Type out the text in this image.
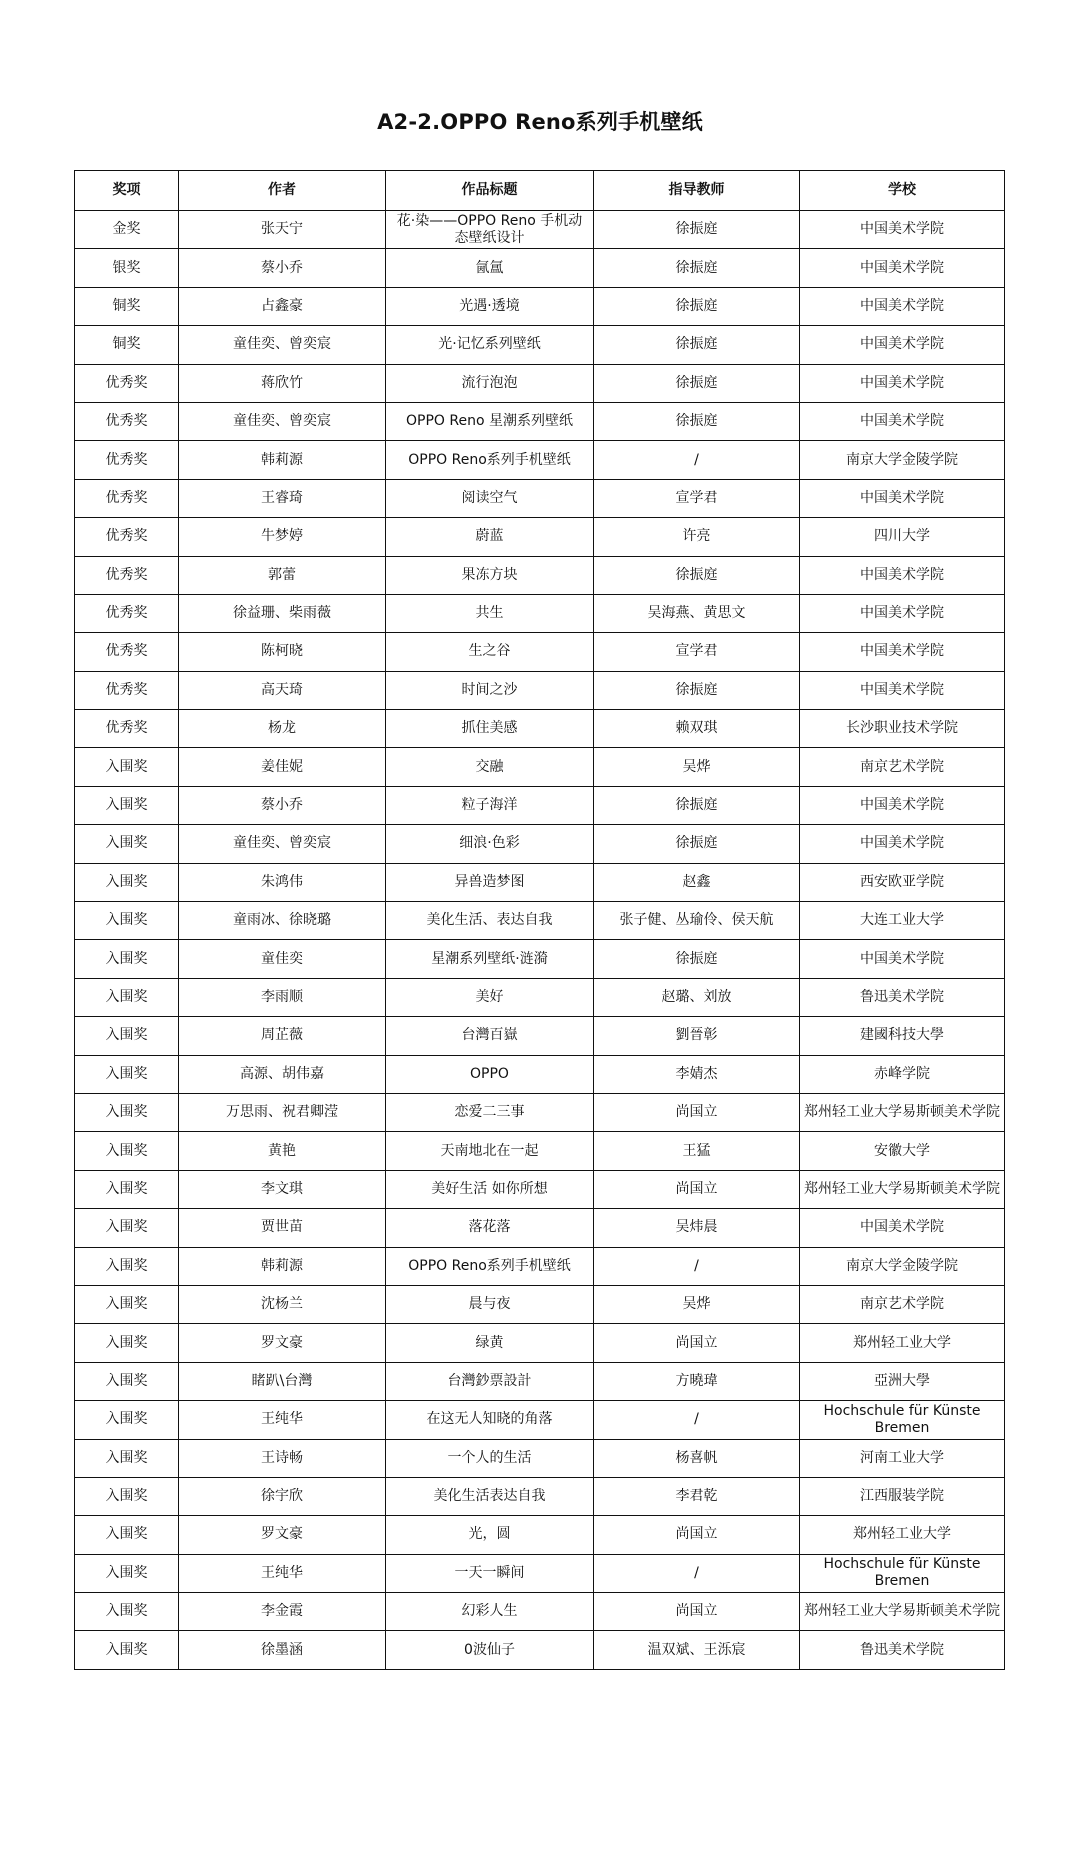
A2-2.OPPO Reno系列手机壁纸
奖项	作者	作品标题	指导教师	学校
金奖	张天宁	花·染——OPPO Reno 手机动态壁纸设计	徐振庭	中国美术学院
银奖	蔡小乔	氤氲	徐振庭	中国美术学院
铜奖	占鑫豪	光遇·透境	徐振庭	中国美术学院
铜奖	童佳奕、曾奕宸	光·记忆系列壁纸	徐振庭	中国美术学院
优秀奖	蒋欣竹	流行泡泡	徐振庭	中国美术学院
优秀奖	童佳奕、曾奕宸	OPPO Reno 星潮系列壁纸	徐振庭	中国美术学院
优秀奖	韩莉源	OPPO Reno系列手机壁纸	/	南京大学金陵学院
优秀奖	王睿琦	阅读空气	宣学君	中国美术学院
优秀奖	牛梦婷	蔚蓝	许亮	四川大学
优秀奖	郭蕾	果冻方块	徐振庭	中国美术学院
优秀奖	徐益珊、柴雨薇	共生	吴海燕、黄思文	中国美术学院
优秀奖	陈柯晓	生之谷	宣学君	中国美术学院
优秀奖	高天琦	时间之沙	徐振庭	中国美术学院
优秀奖	杨龙	抓住美感	赖双琪	长沙职业技术学院
入围奖	姜佳妮	交融	吴烨	南京艺术学院
入围奖	蔡小乔	粒子海洋	徐振庭	中国美术学院
入围奖	童佳奕、曾奕宸	细浪·色彩	徐振庭	中国美术学院
入围奖	朱鸿伟	异兽造梦图	赵鑫	西安欧亚学院
入围奖	童雨冰、徐晓璐	美化生活、表达自我	张子健、丛瑜伶、侯天航	大连工业大学
入围奖	童佳奕	星潮系列壁纸·涟漪	徐振庭	中国美术学院
入围奖	李雨顺	美好	赵璐、刘放	鲁迅美术学院
入围奖	周芷薇	台灣百嶽	劉晉彰	建國科技大學
入围奖	高源、胡伟嘉	OPPO	李婧杰	赤峰学院
入围奖	万思雨、祝君卿滢	恋爱二三事	尚国立	郑州轻工业大学易斯顿美术学院
入围奖	黄艳	天南地北在一起	王猛	安徽大学
入围奖	李文琪	美好生活 如你所想	尚国立	郑州轻工业大学易斯顿美术学院
入围奖	贾世苗	落花落	吴炜晨	中国美术学院
入围奖	韩莉源	OPPO Reno系列手机壁纸	/	南京大学金陵学院
入围奖	沈杨兰	晨与夜	吴烨	南京艺术学院
入围奖	罗文豪	绿黄	尚国立	郑州轻工业大学
入围奖	睹趴\台灣	台灣鈔票設計	方曉瑋	亞洲大學
入围奖	王纯华	在这无人知晓的角落	/	Hochschule für Künste Bremen
入围奖	王诗畅	一个人的生活	杨喜帆	河南工业大学
入围奖	徐宇欣	美化生活表达自我	李君乾	江西服装学院
入围奖	罗文豪	光，圆	尚国立	郑州轻工业大学
入围奖	王纯华	一天一瞬间	/	Hochschule für Künste Bremen
入围奖	李金霞	幻彩人生	尚国立	郑州轻工业大学易斯顿美术学院
入围奖	徐墨涵	0波仙子	温双斌、王泺宸	鲁迅美术学院
